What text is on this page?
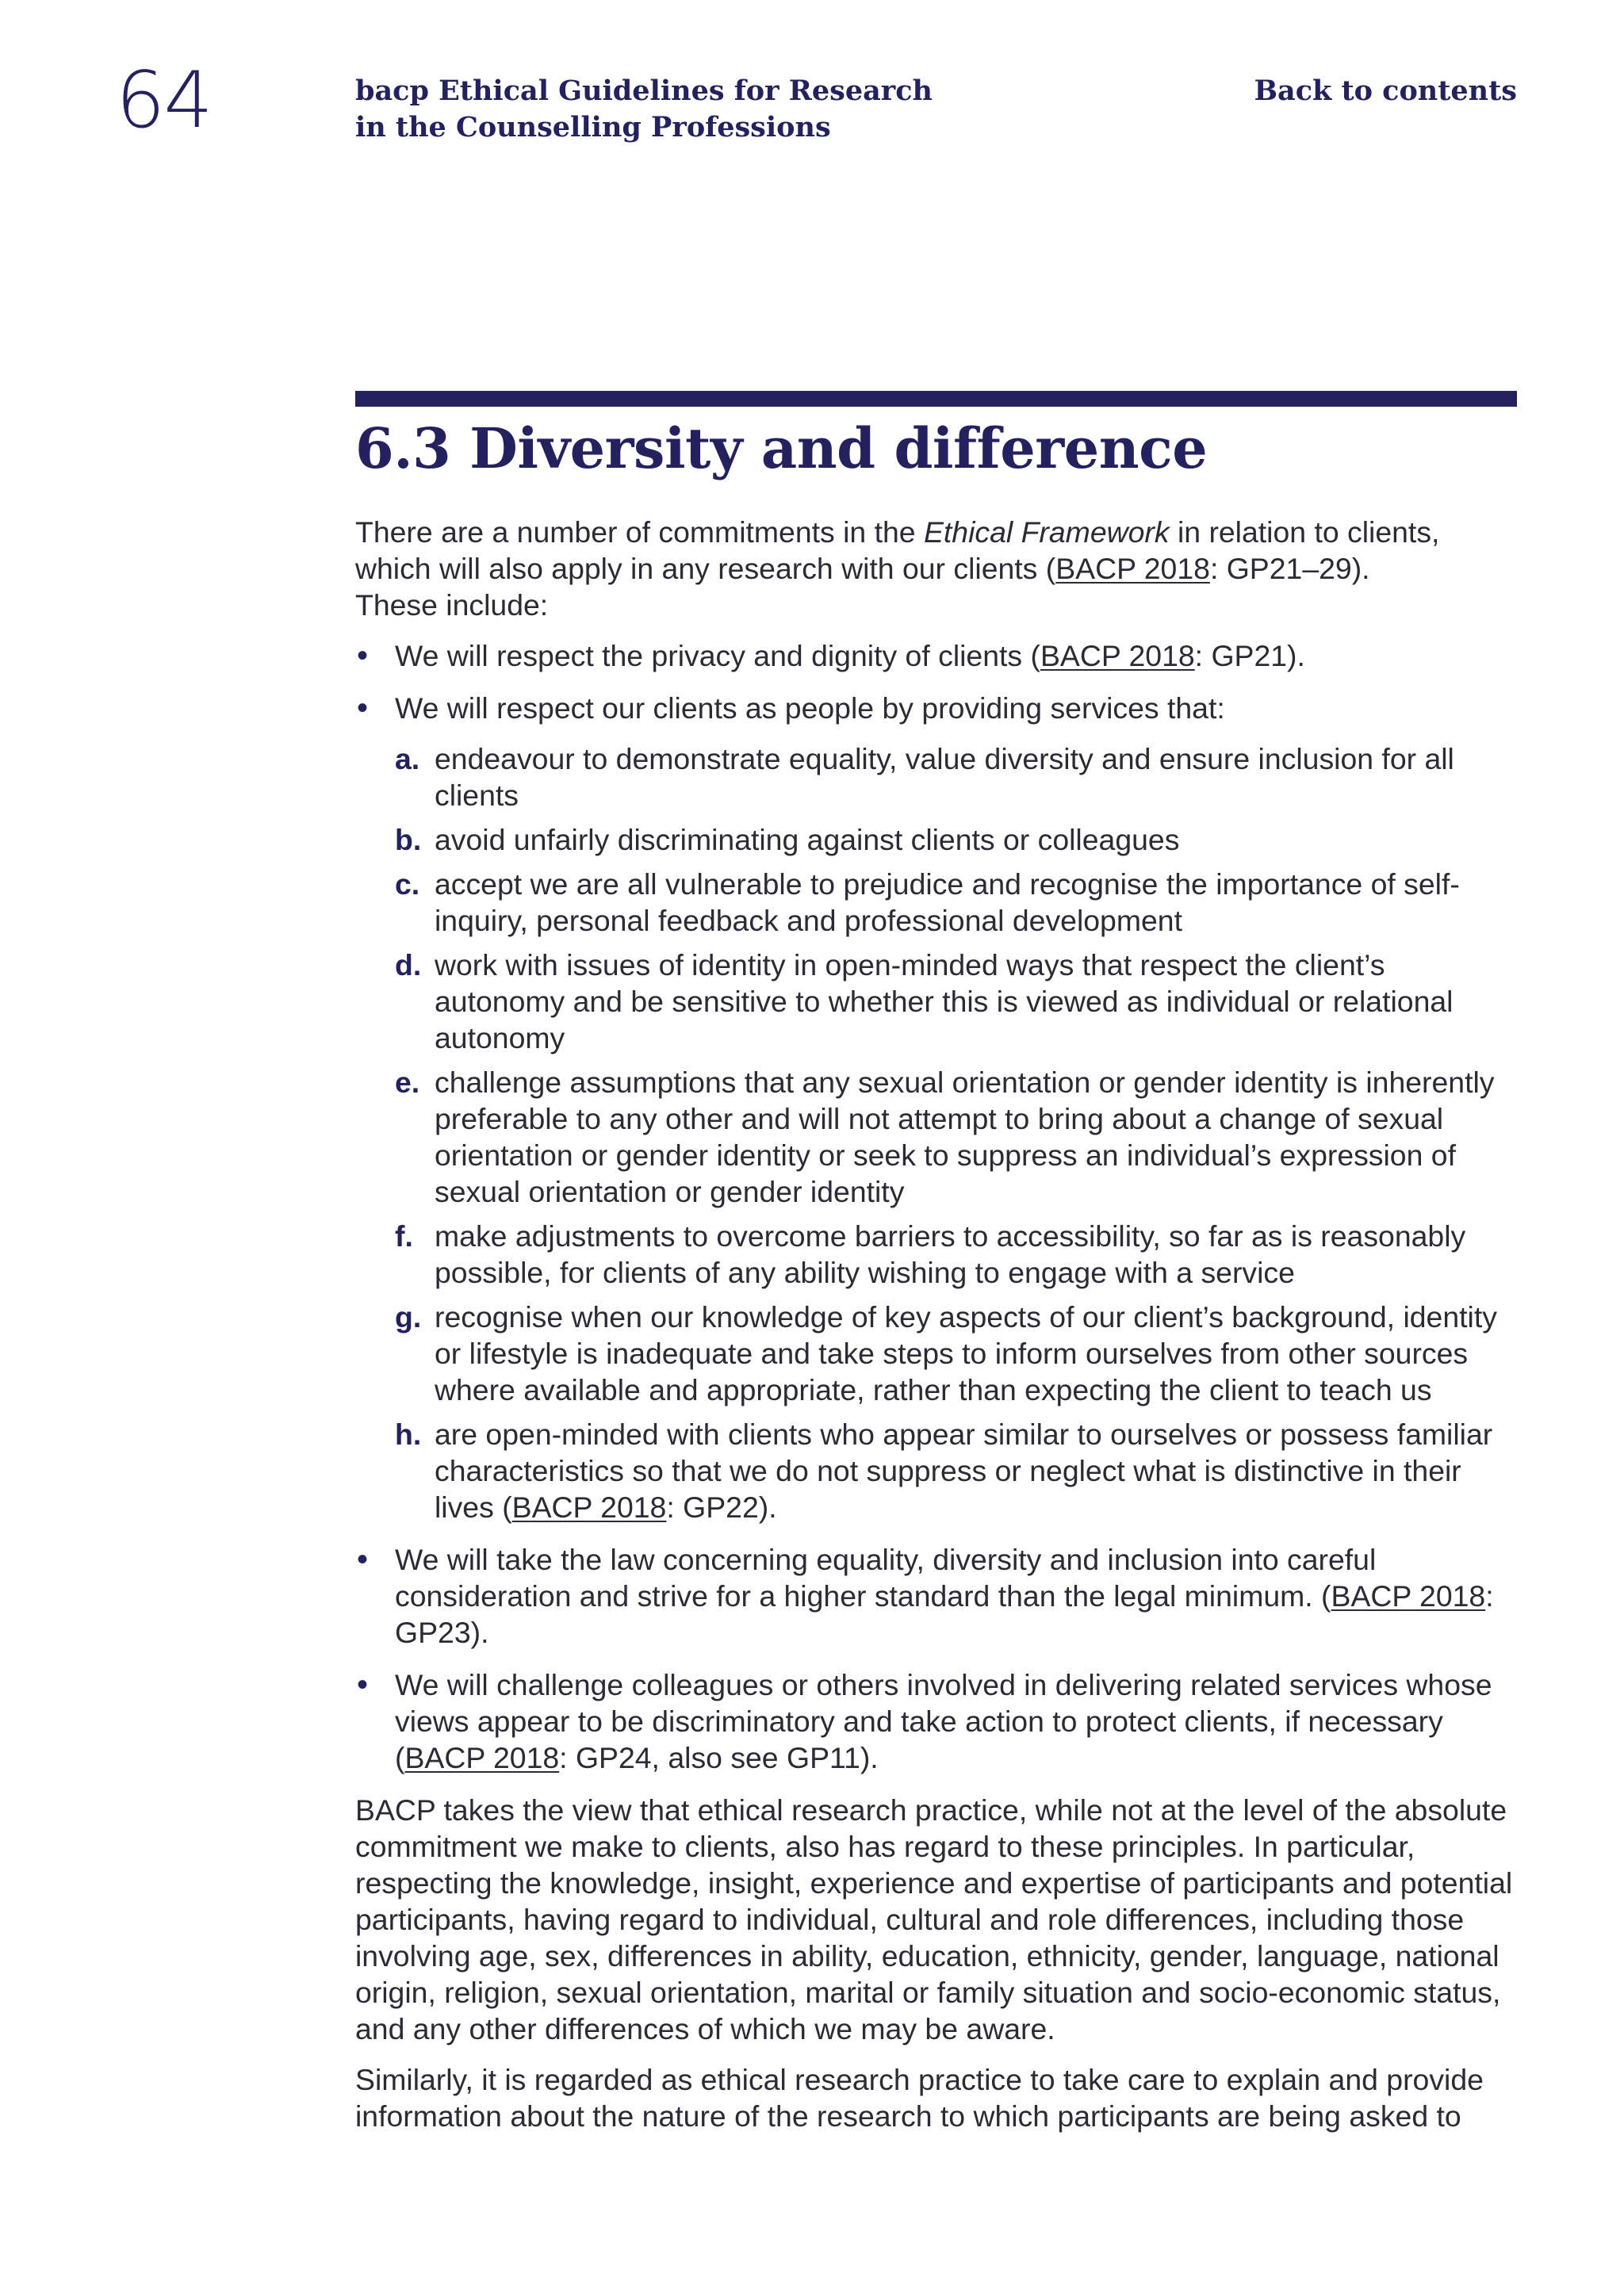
64	bacp Ethical Guidelines for Research
in the Counselling Professions
Back to contents
6.3 Diversity and difference

There are a number of commitments in the Ethical Framework in relation to clients,
which will also apply in any research with our clients (BACP 2018: GP21–29).
These include:

• We will respect the privacy and dignity of clients (BACP 2018: GP21).
• We will respect our clients as people by providing services that:
a. endeavour to demonstrate equality, value diversity and ensure inclusion for all clients
b. avoid unfairly discriminating against clients or colleagues
c. accept we are all vulnerable to prejudice and recognise the importance of self-inquiry, personal feedback and professional development
d. work with issues of identity in open-minded ways that respect the client’s autonomy and be sensitive to whether this is viewed as individual or relational autonomy
e. challenge assumptions that any sexual orientation or gender identity is inherently preferable to any other and will not attempt to bring about a change of sexual orientation or gender identity or seek to suppress an individual’s expression of sexual orientation or gender identity
f. make adjustments to overcome barriers to accessibility, so far as is reasonably possible, for clients of any ability wishing to engage with a service
g. recognise when our knowledge of key aspects of our client’s background, identity or lifestyle is inadequate and take steps to inform ourselves from other sources where available and appropriate, rather than expecting the client to teach us
h. are open-minded with clients who appear similar to ourselves or possess familiar characteristics so that we do not suppress or neglect what is distinctive in their lives (BACP 2018: GP22).
• We will take the law concerning equality, diversity and inclusion into careful consideration and strive for a higher standard than the legal minimum. (BACP 2018: GP23).
• We will challenge colleagues or others involved in delivering related services whose views appear to be discriminatory and take action to protect clients, if necessary (BACP 2018: GP24, also see GP11).

BACP takes the view that ethical research practice, while not at the level of the absolute commitment we make to clients, also has regard to these principles. In particular, respecting the knowledge, insight, experience and expertise of participants and potential participants, having regard to individual, cultural and role differences, including those involving age, sex, differences in ability, education, ethnicity, gender, language, national origin, religion, sexual orientation, marital or family situation and socio-economic status, and any other differences of which we may be aware.

Similarly, it is regarded as ethical research practice to take care to explain and provide information about the nature of the research to which participants are being asked to
